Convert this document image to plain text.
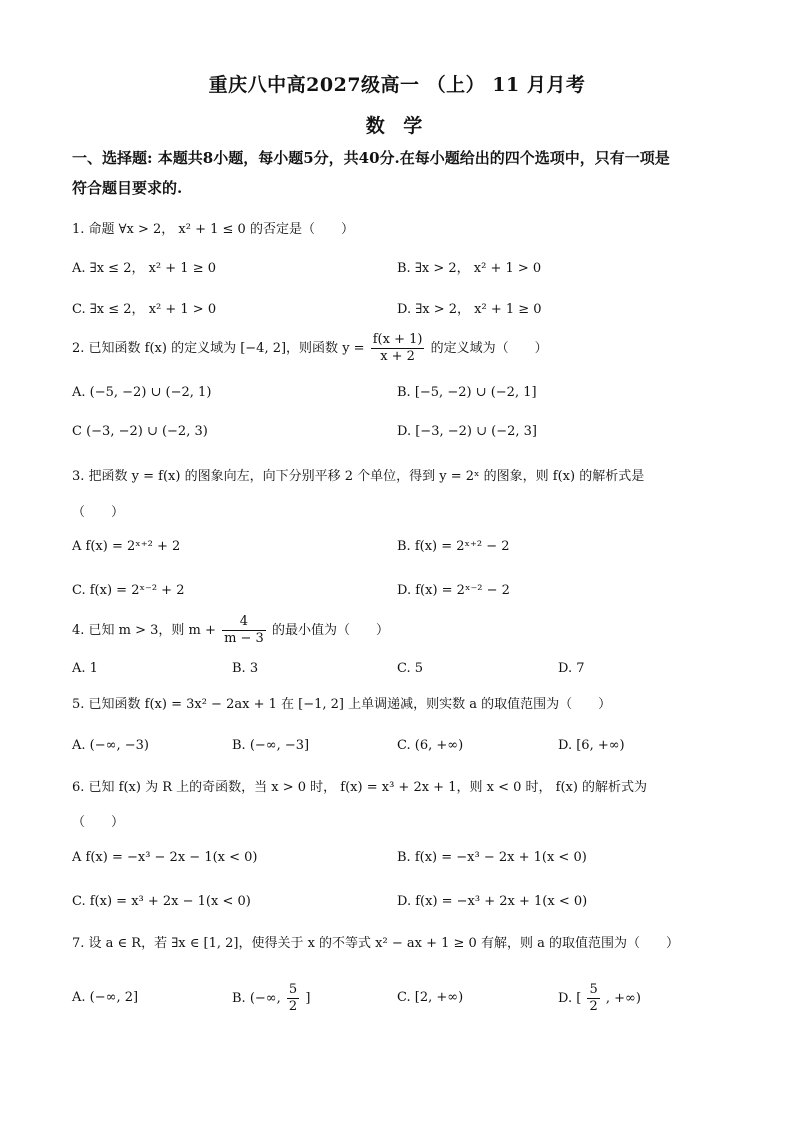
重庆八中高2027级高一 （上） 11 月月考
数 学
一、选择题: 本题共8小题，每小题5分，共40分.在每小题给出的四个选项中，只有一项是
符合题目要求的.
1. 命题 ∀x > 2， x² + 1 ≤ 0 的否定是（　　）
A. ∃x ≤ 2， x² + 1 ≥ 0	B. ∃x > 2， x² + 1 > 0
C. ∃x ≤ 2， x² + 1 > 0	D. ∃x > 2， x² + 1 ≥ 0
2. 已知函数 f(x) 的定义域为 [−4, 2]，则函数 $y = \frac{f(x + 1)}{x + 2}$ 的定义域为（　　）
A. (−5, −2) ∪ (−2, 1)	B. [−5, −2) ∪ (−2, 1]
C (−3, −2) ∪ (−2, 3)	D. [−3, −2) ∪ (−2, 3]
3. 把函数 y = f(x) 的图象向左，向下分别平移 2 个单位，得到 y = 2ˣ 的图象，则 f(x) 的解析式是
（　　）
A f(x) = 2ˣ⁺² + 2	B. f(x) = 2ˣ⁺² − 2
C. f(x) = 2ˣ⁻² + 2	D. f(x) = 2ˣ⁻² − 2
4. 已知 m > 3，则 $m + \frac{4}{m - 3}$ 的最小值为（　　）
A. 1	B. 3	C. 5	D. 7
5. 已知函数 f(x) = 3x² − 2ax + 1 在 [−1, 2] 上单调递减，则实数 a 的取值范围为（　　）
A. (−∞, −3)	B. (−∞, −3]	C. (6, +∞)	D. [6, +∞)
6. 已知 f(x) 为 R 上的奇函数，当 x > 0 时， f(x) = x³ + 2x + 1，则 x < 0 时， f(x) 的解析式为
（　　）
A f(x) = −x³ − 2x − 1(x < 0)	B. f(x) = −x³ − 2x + 1(x < 0)
C. f(x) = x³ + 2x − 1(x < 0)	D. f(x) = −x³ + 2x + 1(x < 0)
7. 设 a ∈ R，若 ∃x ∈ [1, 2]，使得关于 x 的不等式 x² − ax + 1 ≥ 0 有解，则 a 的取值范围为（　　）
A. (−∞, 2]	B. (−∞, $\frac{5}{2}$ ]	C. [2, +∞)	D. [ $\frac{5}{2}$ , +∞)
